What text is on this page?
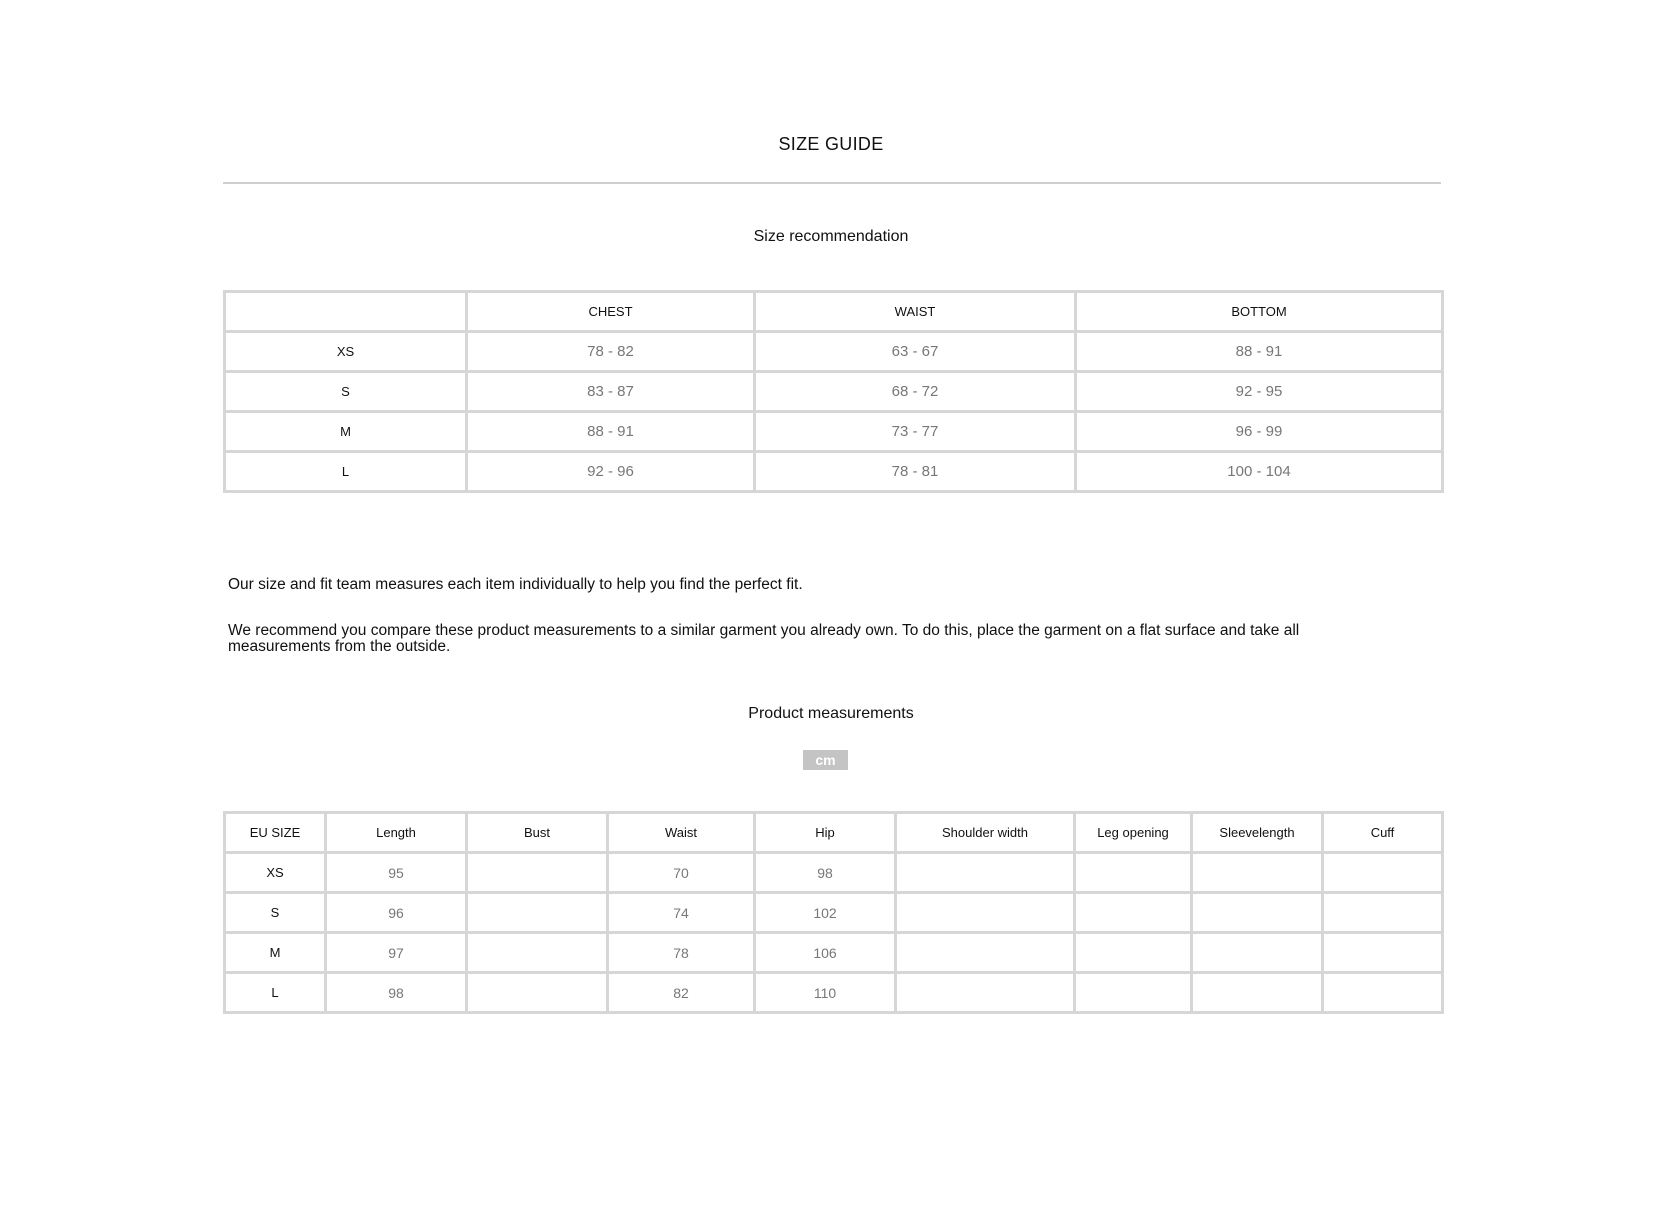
SIZE GUIDE
Size recommendation
	CHEST	WAIST	BOTTOM
XS	78 - 82	63 - 67	88 - 91
S	83 - 87	68 - 72	92 - 95
M	88 - 91	73 - 77	96 - 99
L	92 - 96	78 - 81	100 - 104
Our size and fit team measures each item individually to help you find the perfect fit.
We recommend you compare these product measurements to a similar garment you already own. To do this, place the garment on a flat surface and take all measurements from the outside.
Product measurements
cm
EU SIZE	Length	Bust	Waist	Hip	Shoulder width	Leg opening	Sleevelength	Cuff
XS	95		70	98				
S	96		74	102				
M	97		78	106				
L	98		82	110				
